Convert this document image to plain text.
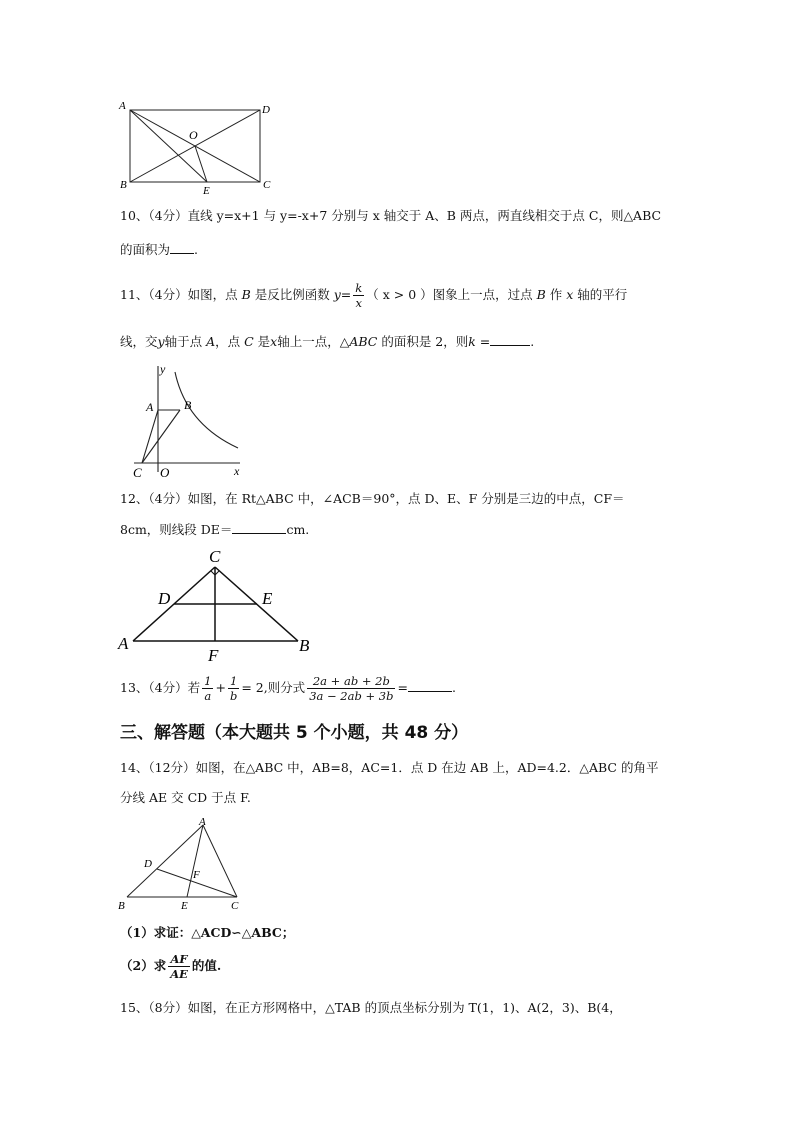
A	D
O
B	E	C
10、（4分）直线 y=x+1 与 y=-x+7 分别与 x 轴交于 A、B 两点，两直线相交于点 C，则△ABC
的面积为 .
11、（4分）如图，点 B 是反比例函数 $y= \frac{k}{x}$ （ x > 0 ）图象上一点，过点 B 作 x 轴的平行
线，交y轴于点 A，点 C 是x轴上一点，△ABC 的面积是 2，则k =	.
y
A	B
C O	x
12、（4分）如图，在 Rt△ABC 中，∠ACB＝90°，点 D、E、F 分别是三边的中点，CF＝
8cm，则线段 DE＝	cm.
C
D	E
A	B
F
13、（4分）若 $\frac{1}{a} + \frac{1}{b} = 2$,则分式 $\frac{2a + ab + 2b}{3a - 2ab + 3b}$ =	.
三、解答题（本大题共 5 个小题，共 48 分）
14、（12分）如图，在△ABC 中，AB=8，AC=1．点 D 在边 AB 上，AD=4.2．△ABC 的角平
分线 AE 交 CD 于点 F.
A
D
F
B	E	C
（1）求证：△ACD∽△ABC；
（2）求 $\frac{AF}{AE}$ 的值.
15、（8分）如图，在正方形网格中，△TAB 的顶点坐标分别为 T(1，1)、A(2，3)、B(4，
